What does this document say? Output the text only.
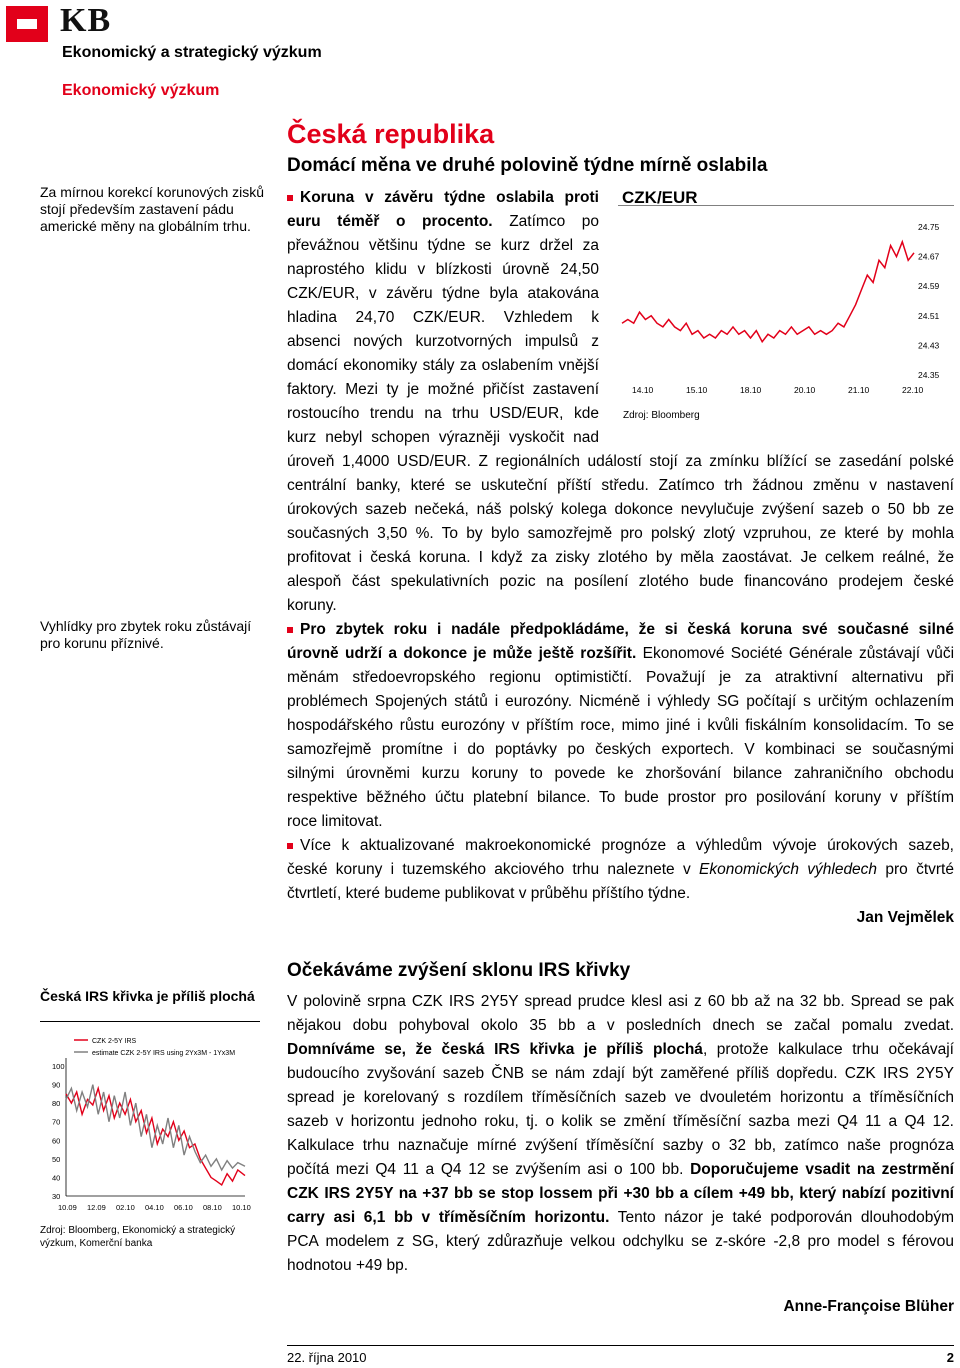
KB
Ekonomický a strategický výzkum
Ekonomický výzkum
Česká republika
Domácí měna ve druhé polovině týdne mírně oslabila
Za mírnou korekcí korunových zisků stojí především zastavení pádu americké měny na globálním trhu.
Vyhlídky pro zbytek roku zůstávají pro korunu příznivé.
Koruna v závěru týdne oslabila proti
euru téměř o procento. Zatímco po
převážnou většinu týdne se kurz držel za
naprostého klidu v blízkosti úrovně 24,50
CZK/EUR, v závěru týdne byla atakována
hladina 24,70 CZK/EUR. Vzhledem k
absenci nových kurzotvorných impulsů z
domácí ekonomiky stály za oslabením vnější
faktory. Mezi ty je možné přičíst zastavení
rostoucího trendu na trhu USD/EUR, kde
kurz nebyl schopen výrazněji vyskočit nad
úroveň 1,4000 USD/EUR. Z regionálních událostí stojí za zmínku blížící se zasedání polské
centrální banky, které se uskuteční příští středu. Zatímco trh žádnou změnu v nastavení
úrokových sazeb nečeká, náš polský kolega dokonce nevylučuje zvýšení sazeb o 50 bb ze
současných 3,50 %. To by bylo samozřejmě pro polský zlotý vzpruhou, ze které by mohla
profitovat i česká koruna. I když za zisky zlotého by měla zaostávat. Je celkem reálné, že
alespoň část spekulativních pozic na posílení zlotého bude financováno prodejem české
koruny.
CZK/EUR
24.75
24.67
24.59
24.51
24.43
24.35
14.10	15.10	18.10	20.10	21.10	22.10
Zdroj: Bloomberg
Pro zbytek roku i nadále předpokládáme, že si česká koruna své současné silné
úrovně udrží a dokonce je může ještě rozšířit. Ekonomové Société Générale zůstávají vůči
měnám středoevropského regionu optimističtí. Považují je za atraktivní alternativu při
problémech Spojených států i eurozóny. Nicméně i výhledy SG počítají s určitým ochlazením
hospodářského růstu eurozóny v příštím roce, mimo jiné i kvůli fiskálním konsolidacím. To se
samozřejmě promítne i do poptávky po českých exportech. V kombinaci se současnými
silnými úrovněmi kurzu koruny to povede ke zhoršování bilance zahraničního obchodu
respektive běžného účtu platební bilance. To bude prostor pro posilování koruny v příštím
roce limitovat.
Více k aktualizované makroekonomické prognóze a výhledům vývoje úrokových sazeb,
české koruny i tuzemského akciového trhu naleznete v Ekonomických výhledech pro čtvrté
čtvrtletí, které budeme publikovat v průběhu příštího týdne.
Jan Vejmělek
Očekáváme zvýšení sklonu IRS křivky
V polovině srpna CZK IRS 2Y5Y spread prudce klesl asi z 60 bb až na 32 bb. Spread se pak
nějakou dobu pohyboval okolo 35 bb a v posledních dnech se začal pomalu zvedat.
Domníváme se, že česká IRS křivka je příliš plochá, protože kalkulace trhu očekávají
budoucího zvyšování sazeb ČNB se nám zdají být zaměřené příliš dopředu. CZK IRS 2Y5Y
spread je korelovaný s rozdílem tříměsíčních sazeb ve dvouletém horizontu a tříměsíčních
sazeb v horizontu jednoho roku, tj. o kolik se změní tříměsíční sazba mezi Q4 11 a Q4 12.
Kalkulace trhu naznačuje mírné zvýšení tříměsíční sazby o 32 bb, zatímco naše prognóza
počítá mezi Q4 11 a Q4 12 se zvýšením asi o 100 bb. Doporučujeme vsadit na zestrmění
CZK IRS 2Y5Y na +37 bb se stop lossem při +30 bb a cílem +49 bb, který nabízí pozitivní
carry asi 6,1 bb v tříměsíčním horizontu. Tento názor je také podporován dlouhodobým
PCA modelem z SG, který zdůrazňuje velkou odchylku se z-skóre -2,8 pro model s férovou
hodnotou +49 bp.
Česká IRS křivka je příliš plochá
100
90
80
70
60
50
40
30
10.09 12.09 02.10 04.10 06.10 08.10 10.10
CZK 2-5Y IRS
estimate CZK 2-5Y IRS using 2Yx3M - 1Yx3M
Zdroj: Bloomberg, Ekonomický a strategický výzkum, Komerční banka
Anne-Françoise Blüher
22. října 2010	2
